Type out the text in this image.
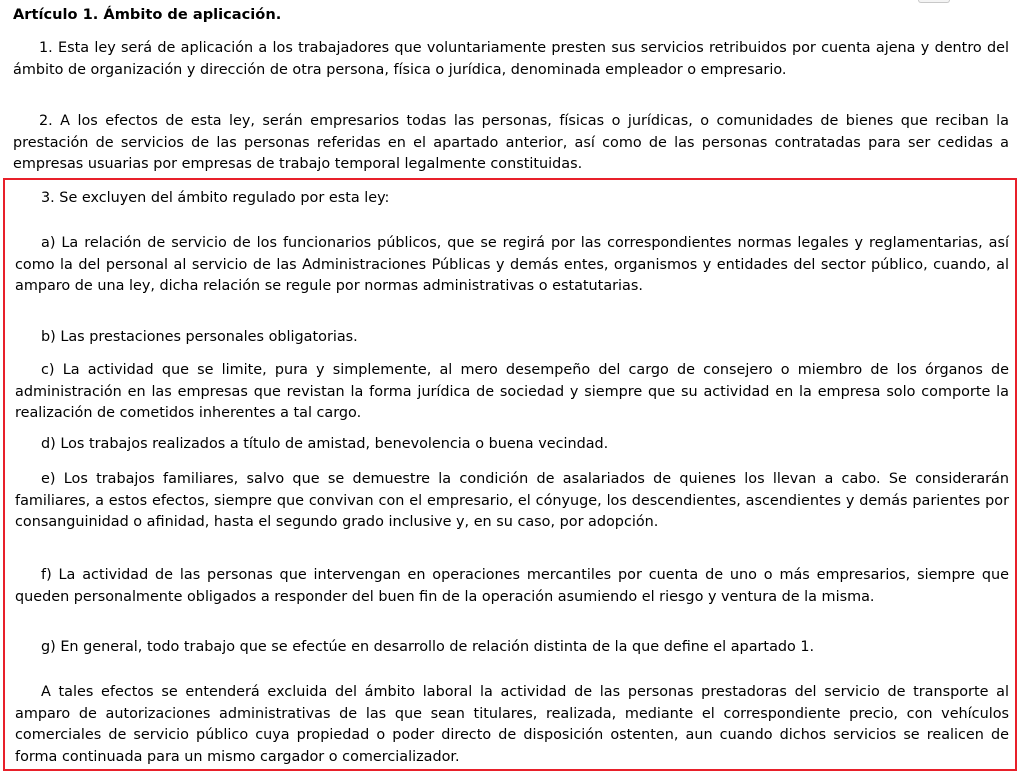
Artículo 1. Ámbito de aplicación.

1. Esta ley será de aplicación a los trabajadores que voluntariamente presten sus servicios retribuidos por cuenta ajena y dentro del ámbito de organización y dirección de otra persona, física o jurídica, denominada empleador o empresario.

2. A los efectos de esta ley, serán empresarios todas las personas, físicas o jurídicas, o comunidades de bienes que reciban la prestación de servicios de las personas referidas en el apartado anterior, así como de las personas contratadas para ser cedidas a empresas usuarias por empresas de trabajo temporal legalmente constituidas.

3. Se excluyen del ámbito regulado por esta ley:

a) La relación de servicio de los funcionarios públicos, que se regirá por las correspondientes normas legales y reglamentarias, así como la del personal al servicio de las Administraciones Públicas y demás entes, organismos y entidades del sector público, cuando, al amparo de una ley, dicha relación se regule por normas administrativas o estatutarias.

b) Las prestaciones personales obligatorias.

c) La actividad que se limite, pura y simplemente, al mero desempeño del cargo de consejero o miembro de los órganos de administración en las empresas que revistan la forma jurídica de sociedad y siempre que su actividad en la empresa solo comporte la realización de cometidos inherentes a tal cargo.

d) Los trabajos realizados a título de amistad, benevolencia o buena vecindad.

e) Los trabajos familiares, salvo que se demuestre la condición de asalariados de quienes los llevan a cabo. Se considerarán familiares, a estos efectos, siempre que convivan con el empresario, el cónyuge, los descendientes, ascendientes y demás parientes por consanguinidad o afinidad, hasta el segundo grado inclusive y, en su caso, por adopción.

f) La actividad de las personas que intervengan en operaciones mercantiles por cuenta de uno o más empresarios, siempre que queden personalmente obligados a responder del buen fin de la operación asumiendo el riesgo y ventura de la misma.

g) En general, todo trabajo que se efectúe en desarrollo de relación distinta de la que define el apartado 1.

A tales efectos se entenderá excluida del ámbito laboral la actividad de las personas prestadoras del servicio de transporte al amparo de autorizaciones administrativas de las que sean titulares, realizada, mediante el correspondiente precio, con vehículos comerciales de servicio público cuya propiedad o poder directo de disposición ostenten, aun cuando dichos servicios se realicen de forma continuada para un mismo cargador o comercializador.
